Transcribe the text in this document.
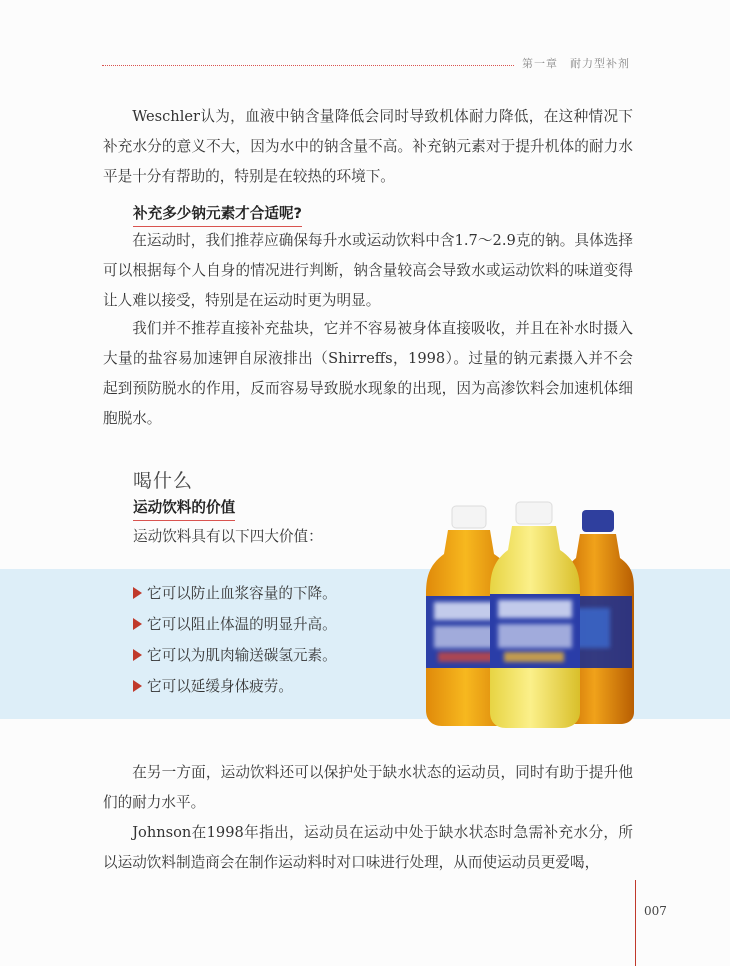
第一章　耐力型补剂

Weschler认为，血液中钠含量降低会同时导致机体耐力降低，在这种情况下补充水分的意义不大，因为水中的钠含量不高。补充钠元素对于提升机体的耐力水平是十分有帮助的，特别是在较热的环境下。

补充多少钠元素才合适呢?

在运动时，我们推荐应确保每升水或运动饮料中含1.7～2.9克的钠。具体选择可以根据每个人自身的情况进行判断，钠含量较高会导致水或运动饮料的味道变得让人难以接受，特别是在运动时更为明显。

我们并不推荐直接补充盐块，它并不容易被身体直接吸收，并且在补水时摄入大量的盐容易加速钾自尿液排出（Shirreffs，1998）。过量的钠元素摄入并不会起到预防脱水的作用，反而容易导致脱水现象的出现，因为高渗饮料会加速机体细胞脱水。

喝什么
运动饮料的价值
运动饮料具有以下四大价值：
它可以防止血浆容量的下降。
它可以阻止体温的明显升高。
它可以为肌肉输送碳氢元素。
它可以延缓身体疲劳。

在另一方面，运动饮料还可以保护处于缺水状态的运动员，同时有助于提升他们的耐力水平。

Johnson在1998年指出，运动员在运动中处于缺水状态时急需补充水分，所以运动饮料制造商会在制作运动料时对口味进行处理，从而使运动员更爱喝，

007
